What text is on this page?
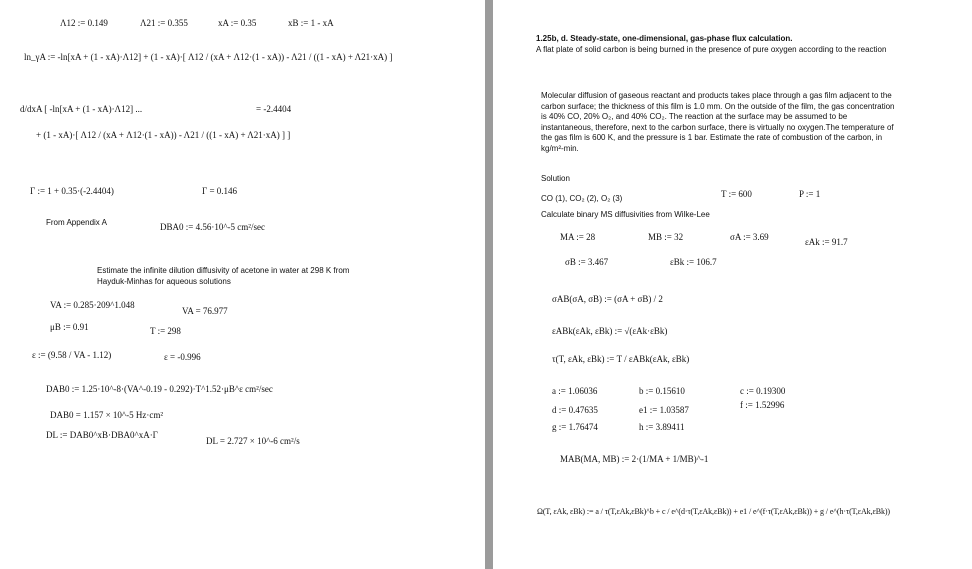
Λ12 := 0.149	Λ21 := 0.355	xA := 0.35	xB := 1 - xA
ln_γA := -ln[xA + (1 - xA)·Λ12] + (1 - xA)·[ Λ12 / (xA + Λ12·(1 - xA)) - Λ21 / ((1 - xA) + Λ21·xA) ]
d/dxA [ -ln[xA + (1 - xA)·Λ12] ...
+ (1 - xA)·[ Λ12 / (xA + Λ12·(1 - xA)) - Λ21 / ((1 - xA) + Λ21·xA) ] ]
= -2.4404
Γ := 1 + 0.35·(-2.4404)	Γ = 0.146
From Appendix A	DBA0 := 4.56·10^-5 cm²/sec
Estimate the infinite dilution diffusivity of acetone in water at 298 K from Hayduk-Minhas for aqueous solutions
VA := 0.285·209^1.048
VA = 76.977
μB := 0.91	T := 298
ε := (9.58 / VA - 1.12)	ε = -0.996
DAB0 := 1.25·10^-8·(VA^-0.19 - 0.292)·T^1.52·μB^ε cm²/sec
DAB0 = 1.157 × 10^-5 Hz·cm²
DL := DAB0^xB·DBA0^xA·Γ
DL = 2.727 × 10^-6 cm²/s
1.25b, d. Steady-state, one-dimensional, gas-phase flux calculation.
A flat plate of solid carbon is being burned in the presence of pure oxygen according to the reaction
Molecular diffusion of gaseous reactant and products takes place through a gas film adjacent to the carbon surface; the thickness of this film is 1.0 mm. On the outside of the film, the gas concentration is 40% CO, 20% O₂, and 40% CO₂. The reaction at the surface may be assumed to be instantaneous, therefore, next to the carbon surface, there is virtually no oxygen.The temperature of the gas film is 600 K, and the pressure is 1 bar. Estimate the rate of combustion of the carbon, in kg/m²-min.
Solution
CO (1), CO₂ (2), O₂ (3)	T := 600	P := 1
Calculate binary MS diffusivities from Wilke-Lee
MA := 28	MB := 32	σA := 3.69	εAk := 91.7
σB := 3.467	εBk := 106.7
σAB(σA, σB) := (σA + σB) / 2
εABk(εAk, εBk) := √(εAk·εBk)
τ(T, εAk, εBk) := T / εABk(εAk, εBk)
a := 1.06036	b := 0.15610	c := 0.19300
d := 0.47635	e1 := 1.03587	f := 1.52996
g := 1.76474	h := 3.89411
MAB(MA, MB) := 2·(1/MA + 1/MB)^-1
Ω(T, εAk, εBk) := a / τ(T,εAk,εBk)^b + c / e^(d·τ(T,εAk,εBk)) + e1 / e^(f·τ(T,εAk,εBk)) + g / e^(h·τ(T,εAk,εBk))
